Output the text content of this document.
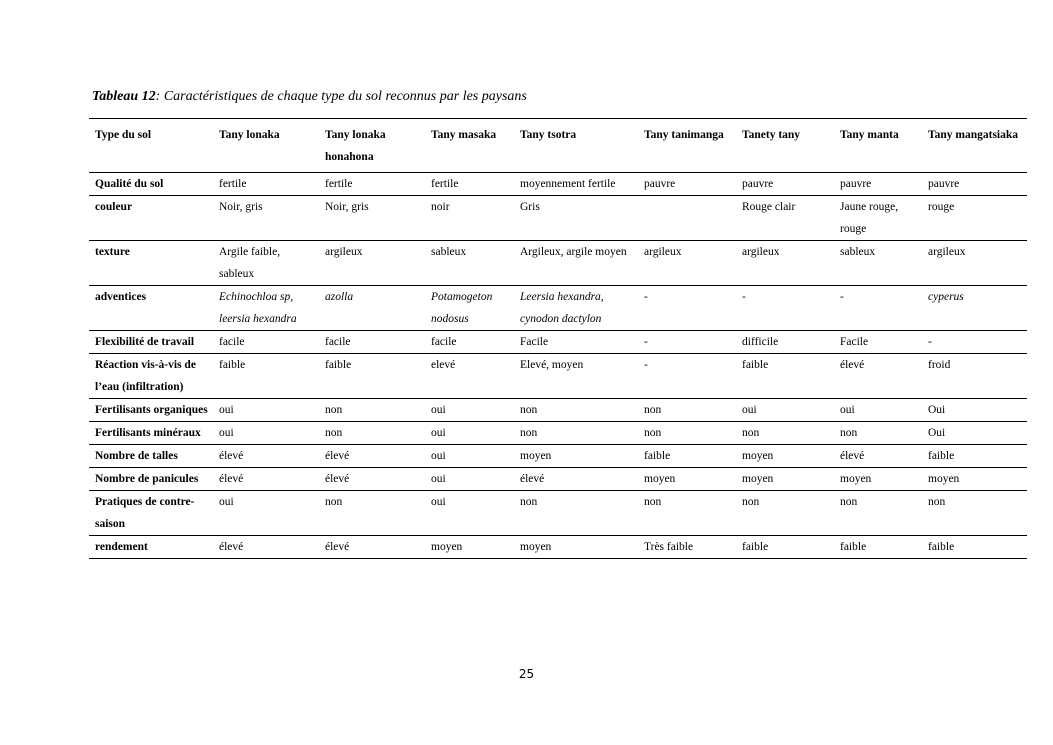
Tableau 12: Caractéristiques de chaque type du sol reconnus par les paysans
Type du sol	Tany lonaka	Tany lonaka honahona	Tany masaka	Tany tsotra	Tany tanimanga	Tanety tany	Tany manta	Tany mangatsiaka
Qualité du sol	fertile	fertile	fertile	moyennement fertile	pauvre	pauvre	pauvre	pauvre
couleur	Noir, gris	Noir, gris	noir	Gris		Rouge clair	Jaune rouge, rouge	rouge
texture	Argile faible, sableux	argileux	sableux	Argileux, argile moyen	argileux	argileux	sableux	argileux
adventices	Echinochloa sp, leersia hexandra	azolla	Potamogeton nodosus	Leersia hexandra, cynodon dactylon	-	-	-	cyperus
Flexibilité de travail	facile	facile	facile	Facile	-	difficile	Facile	-
Réaction vis-à-vis de l’eau (infiltration)	faible	faible	elevé	Elevé, moyen	-	faible	élevé	froid
Fertilisants organiques	oui	non	oui	non	non	oui	oui	Oui
Fertilisants minéraux	oui	non	oui	non	non	non	non	Oui
Nombre de talles	élevé	élevé	oui	moyen	faible	moyen	élevé	faible
Nombre de panicules	élevé	élevé	oui	élevé	moyen	moyen	moyen	moyen
Pratiques de contre-saison	oui	non	oui	non	non	non	non	non
rendement	élevé	élevé	moyen	moyen	Très faible	faible	faible	faible
25
